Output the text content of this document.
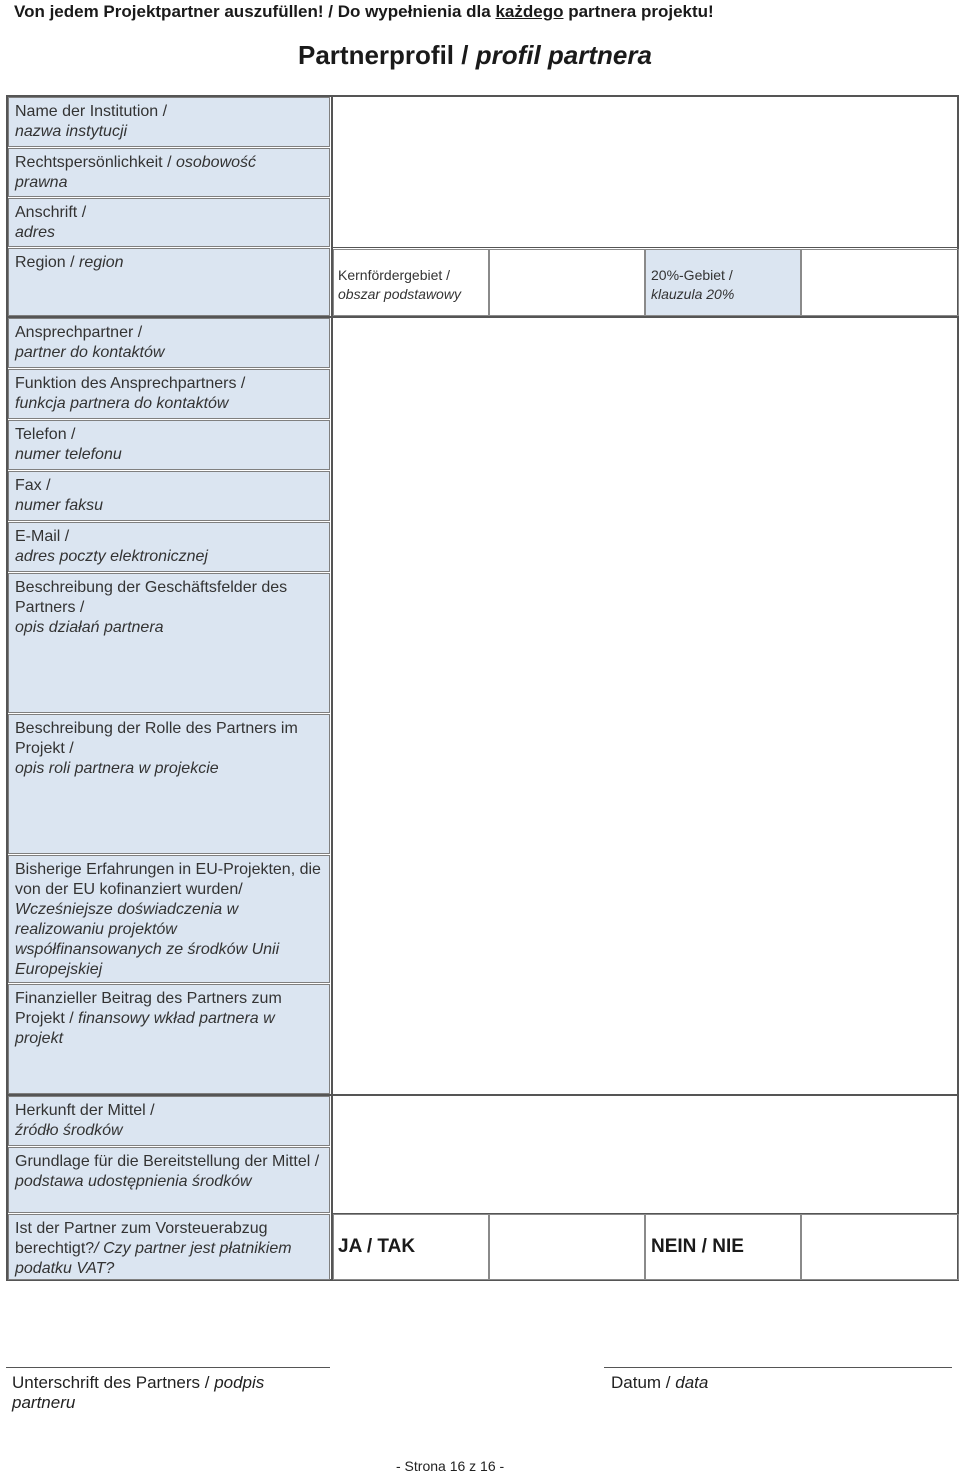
Von jedem Projektpartner auszufüllen! / Do wypełnienia dla każdego partnera projektu!
Partnerprofil / profil partnera
Kernfördergebiet /
obszar podstawowy
20%-Gebiet /
klauzula 20%
JA / TAK	NEIN / NIE
Name der Institution /
nazwa instytucji
Rechtspersönlichkeit / osobowość
prawna
Anschrift /
adres
Region / region
Ansprechpartner /
partner do kontaktów
Funktion des Ansprechpartners /
funkcja partnera do kontaktów
Telefon /
numer telefonu
Fax /
numer faksu
E-Mail /
adres poczty elektronicznej
Beschreibung der Geschäftsfelder des Partners /
opis działań partnera
Beschreibung der Rolle des Partners im Projekt /
opis roli partnera w projekcie
Bisherige Erfahrungen in EU-Projekten, die von der EU kofinanziert wurden/
Wcześniejsze doświadczenia w realizowaniu projektów współfinansowanych ze środków Unii Europejskiej
Finanzieller Beitrag des Partners zum Projekt / finansowy wkład partnera w projekt
Herkunft der Mittel /
źródło środków
Grundlage für die Bereitstellung der Mittel /
podstawa udostępnienia środków
Ist der Partner zum Vorsteuerabzug berechtigt?/ Czy partner jest płatnikiem podatku VAT?
Unterschrift des Partners / podpis
partneru
Datum / data
- Strona 16 z 16 -
